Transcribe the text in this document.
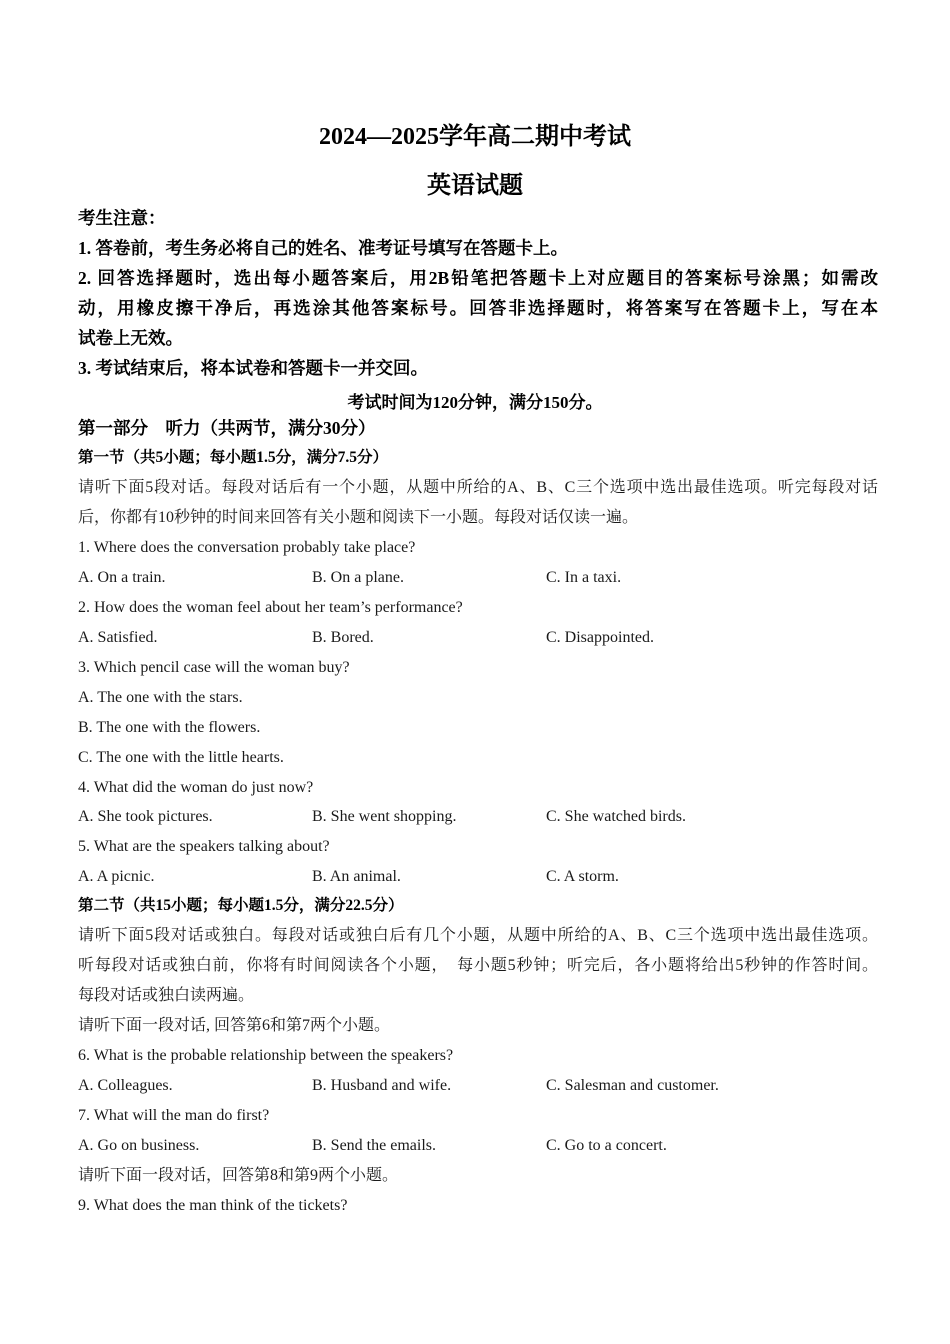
2024—2025学年高二期中考试
英语试题
考生注意：
1. 答卷前，考生务必将自己的姓名、准考证号填写在答题卡上。
2. 回答选择题时，选出每小题答案后，用2B铅笔把答题卡上对应题目的答案标号涂黑；如需改
动，用橡皮擦干净后，再选涂其他答案标号。回答非选择题时，将答案写在答题卡上，写在本
试卷上无效。
3. 考试结束后，将本试卷和答题卡一并交回。
考试时间为120分钟，满分150分。
第一部分　听力（共两节，满分30分）
第一节（共5小题；每小题1.5分，满分7.5分）
请听下面5段对话。每段对话后有一个小题，从题中所给的A、B、C三个选项中选出最佳选项。听完每段对话
后，你都有10秒钟的时间来回答有关小题和阅读下一小题。每段对话仅读一遍。
1. Where does the conversation probably take place?
A. On a train.	B. On a plane.	C. In a taxi.
2. How does the woman feel about her team’s performance?
A. Satisfied.	B. Bored.	C. Disappointed.
3. Which pencil case will the woman buy?
A. The one with the stars.
B. The one with the flowers.
C. The one with the little hearts.
4. What did the woman do just now?
A. She took pictures.	B. She went shopping.	C. She watched birds.
5. What are the speakers talking about?
A. A picnic.	B. An animal.	C. A storm.
第二节（共15小题；每小题1.5分，满分22.5分）
请听下面5段对话或独白。每段对话或独白后有几个小题，从题中所给的A、B、C三个选项中选出最佳选项。
听每段对话或独白前，你将有时间阅读各个小题，　每小题5秒钟；听完后，各小题将给出5秒钟的作答时间。
每段对话或独白读两遍。
请听下面一段对话, 回答第6和第7两个小题。
6. What is the probable relationship between the speakers?
A. Colleagues.	B. Husband and wife.	C. Salesman and customer.
7. What will the man do first?
A. Go on business.	B. Send the emails.	C. Go to a concert.
请听下面一段对话，回答第8和第9两个小题。
9. What does the man think of the tickets?
